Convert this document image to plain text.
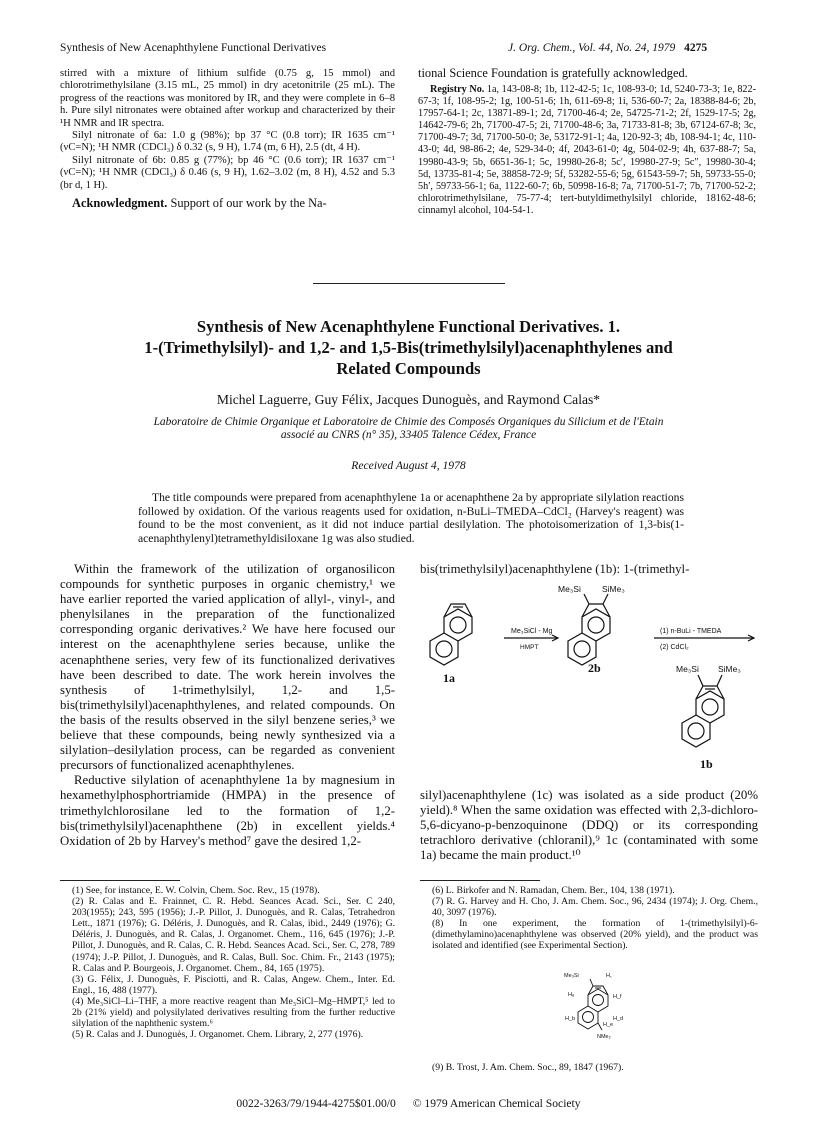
Synthesis of New Acenaphthylene Functional Derivatives	J. Org. Chem., Vol. 44, No. 24, 1979 4275

stirred with a mixture of lithium sulfide (0.75 g, 15 mmol) and chlorotrimethylsilane (3.15 mL, 25 mmol) in dry acetonitrile (25 mL). The progress of the reactions was monitored by IR, and they were complete in 6–8 h. Pure silyl nitronates were obtained after workup and characterized by their ¹H NMR and IR spectra.

Silyl nitronate of 6a: 1.0 g (98%); bp 37 °C (0.8 torr); IR 1635 cm⁻¹ (νC=N); ¹H NMR (CDCl₃) δ 0.32 (s, 9 H), 1.74 (m, 6 H), 2.5 (dt, 4 H).

Silyl nitronate of 6b: 0.85 g (77%); bp 46 °C (0.6 torr); IR 1637 cm⁻¹ (νC=N); ¹H NMR (CDCl₃) δ 0.46 (s, 9 H), 1.62–3.02 (m, 8 H), 4.52 and 5.3 (br d, 1 H).

Acknowledgment. Support of our work by the Na-
tional Science Foundation is gratefully acknowledged.
Registry No. 1a, 143-08-8; 1b, 112-42-5; 1c, 108-93-0; 1d, 5240-73-3; 1e, 822-67-3; 1f, 108-95-2; 1g, 100-51-6; 1h, 611-69-8; 1i, 536-60-7; 2a, 18388-84-6; 2b, 17957-64-1; 2c, 13871-89-1; 2d, 71700-46-4; 2e, 54725-71-2; 2f, 1529-17-5; 2g, 14642-79-6; 2h, 71700-47-5; 2i, 71700-48-6; 3a, 71733-81-8; 3b, 67124-67-8; 3c, 71700-49-7; 3d, 71700-50-0; 3e, 53172-91-1; 4a, 120-92-3; 4b, 108-94-1; 4c, 110-43-0; 4d, 98-86-2; 4e, 529-34-0; 4f, 2043-61-0; 4g, 504-02-9; 4h, 637-88-7; 5a, 19980-43-9; 5b, 6651-36-1; 5c, 19980-26-8; 5c′, 19980-27-9; 5c″, 19980-30-4; 5d, 13735-81-4; 5e, 38858-72-9; 5f, 53282-55-6; 5g, 61543-59-7; 5h, 59733-55-0; 5h′, 59733-56-1; 6a, 1122-60-7; 6b, 50998-16-8; 7a, 71700-51-7; 7b, 71700-52-2; chlorotrimethylsilane, 75-77-4; tert-butyldimethylsilyl chloride, 18162-48-6; cinnamyl alcohol, 104-54-1.
Synthesis of New Acenaphthylene Functional Derivatives. 1.
1-(Trimethylsilyl)- and 1,2- and 1,5-Bis(trimethylsilyl)acenaphthylenes and
Related Compounds
Michel Laguerre, Guy Félix, Jacques Dunoguès, and Raymond Calas*
Laboratoire de Chimie Organique et Laboratoire de Chimie des Composés Organiques du Silicium et de l'Etain
associé au CNRS (n° 35), 33405 Talence Cédex, France
Received August 4, 1978
The title compounds were prepared from acenaphthylene 1a or acenaphthene 2a by appropriate silylation reactions followed by oxidation. Of the various reagents used for oxidation, n-BuLi–TMEDA–CdCl₂ (Harvey's reagent) was found to be the most convenient, as it did not induce partial desilylation. The photoisomerization of 1,3-bis(1-acenaphthylenyl)tetramethyldisiloxane 1g was also studied.

Within the framework of the utilization of organosilicon compounds for synthetic purposes in organic chemistry,¹ we have earlier reported the varied application of allyl-, vinyl-, and phenylsilanes in the preparation of the functionalized corresponding organic derivatives.² We have here focused our interest on the acenaphthylene series because, unlike the acenaphthene series, very few of its functionalized derivatives have been described to date. The work herein involves the synthesis of 1-trimethylsilyl, 1,2- and 1,5-bis(trimethylsilyl)acenaphthylenes, and related compounds. On the basis of the results observed in the silyl benzene series,³ we believe that these compounds, being newly synthesized via a silylation–desilylation process, can be regarded as convenient precursors of functionalized acenaphthylenes.

Reductive silylation of acenaphthylene 1a by magnesium in hexamethylphosphortriamide (HMPA) in the presence of trimethylchlorosilane led to the formation of 1,2-bis(trimethylsilyl)acenaphthene (2b) in excellent yields.⁴ Oxidation of 2b by Harvey's method⁷ gave the desired 1,2-

bis(trimethylsilyl)acenaphthylene (1b): 1-(trimethyl-
Me₃Si SiMe₃
Me₃SiCl - Mg
HMPT
(1) n-BuLi - TMEDA
(2) CdCl₂
Me₃Si SiMe₃
1a
2b
1b

silyl)acenaphthylene (1c) was isolated as a side product (20% yield).⁸ When the same oxidation was effected with 2,3-dichloro-5,6-dicyano-p-benzoquinone (DDQ) or its corresponding tetrachloro derivative (chloranil),⁹ 1c (contaminated with some 1a) became the main product.¹⁰

(1) See, for instance, E. W. Colvin, Chem. Soc. Rev., 15 (1978).

(2) R. Calas and E. Frainnet, C. R. Hebd. Seances Acad. Sci., Ser. C 240, 203(1955); 243, 595 (1956); J.-P. Pillot, J. Dunoguès, and R. Calas, Tetrahedron Lett., 1871 (1976); G. Déléris, J. Dunoguès, and R. Calas, ibid., 2449 (1976); G. Déléris, J. Dunoguès, and R. Calas, J. Organomet. Chem., 116, 645 (1976); J.-P. Pillot, J. Dunoguès, and R. Calas, C. R. Hebd. Seances Acad. Sci., Ser. C, 278, 789 (1974); J.-P. Pillot, J. Dunoguès, and R. Calas, Bull. Soc. Chim. Fr., 2143 (1975); R. Calas and P. Bourgeois, J. Organomet. Chem., 84, 165 (1975).

(3) G. Félix, J. Dunoguès, F. Pisciotti, and R. Calas, Angew. Chem., Inter. Ed. Engl., 16, 488 (1977).

(4) Me₃SiCl–Li–THF, a more reactive reagent than Me₃SiCl–Mg–HMPT,⁵ led to 2b (21% yield) and polysilylated derivatives resulting from the further reductive silylation of the naphthenic system.⁶

(5) R. Calas and J. Dunoguès, J. Organomet. Chem. Library, 2, 277 (1976).

(6) L. Birkofer and N. Ramadan, Chem. Ber., 104, 138 (1971).

(7) R. G. Harvey and H. Cho, J. Am. Chem. Soc., 96, 2434 (1974); J. Org. Chem., 40, 3097 (1976).

(8) In one experiment, the formation of 1-(trimethylsilyl)-6-(dimethylamino)acenaphthylene was observed (20% yield), and the product was isolated and identified (see Experimental Section).

Me₃Si	H꜀
Hₐ	H_f
H_b
H_e
H_d
NMe₂

(9) B. Trost, J. Am. Chem. Soc., 89, 1847 (1967).

0022-3263/79/1944-4275$01.00/0 © 1979 American Chemical Society
